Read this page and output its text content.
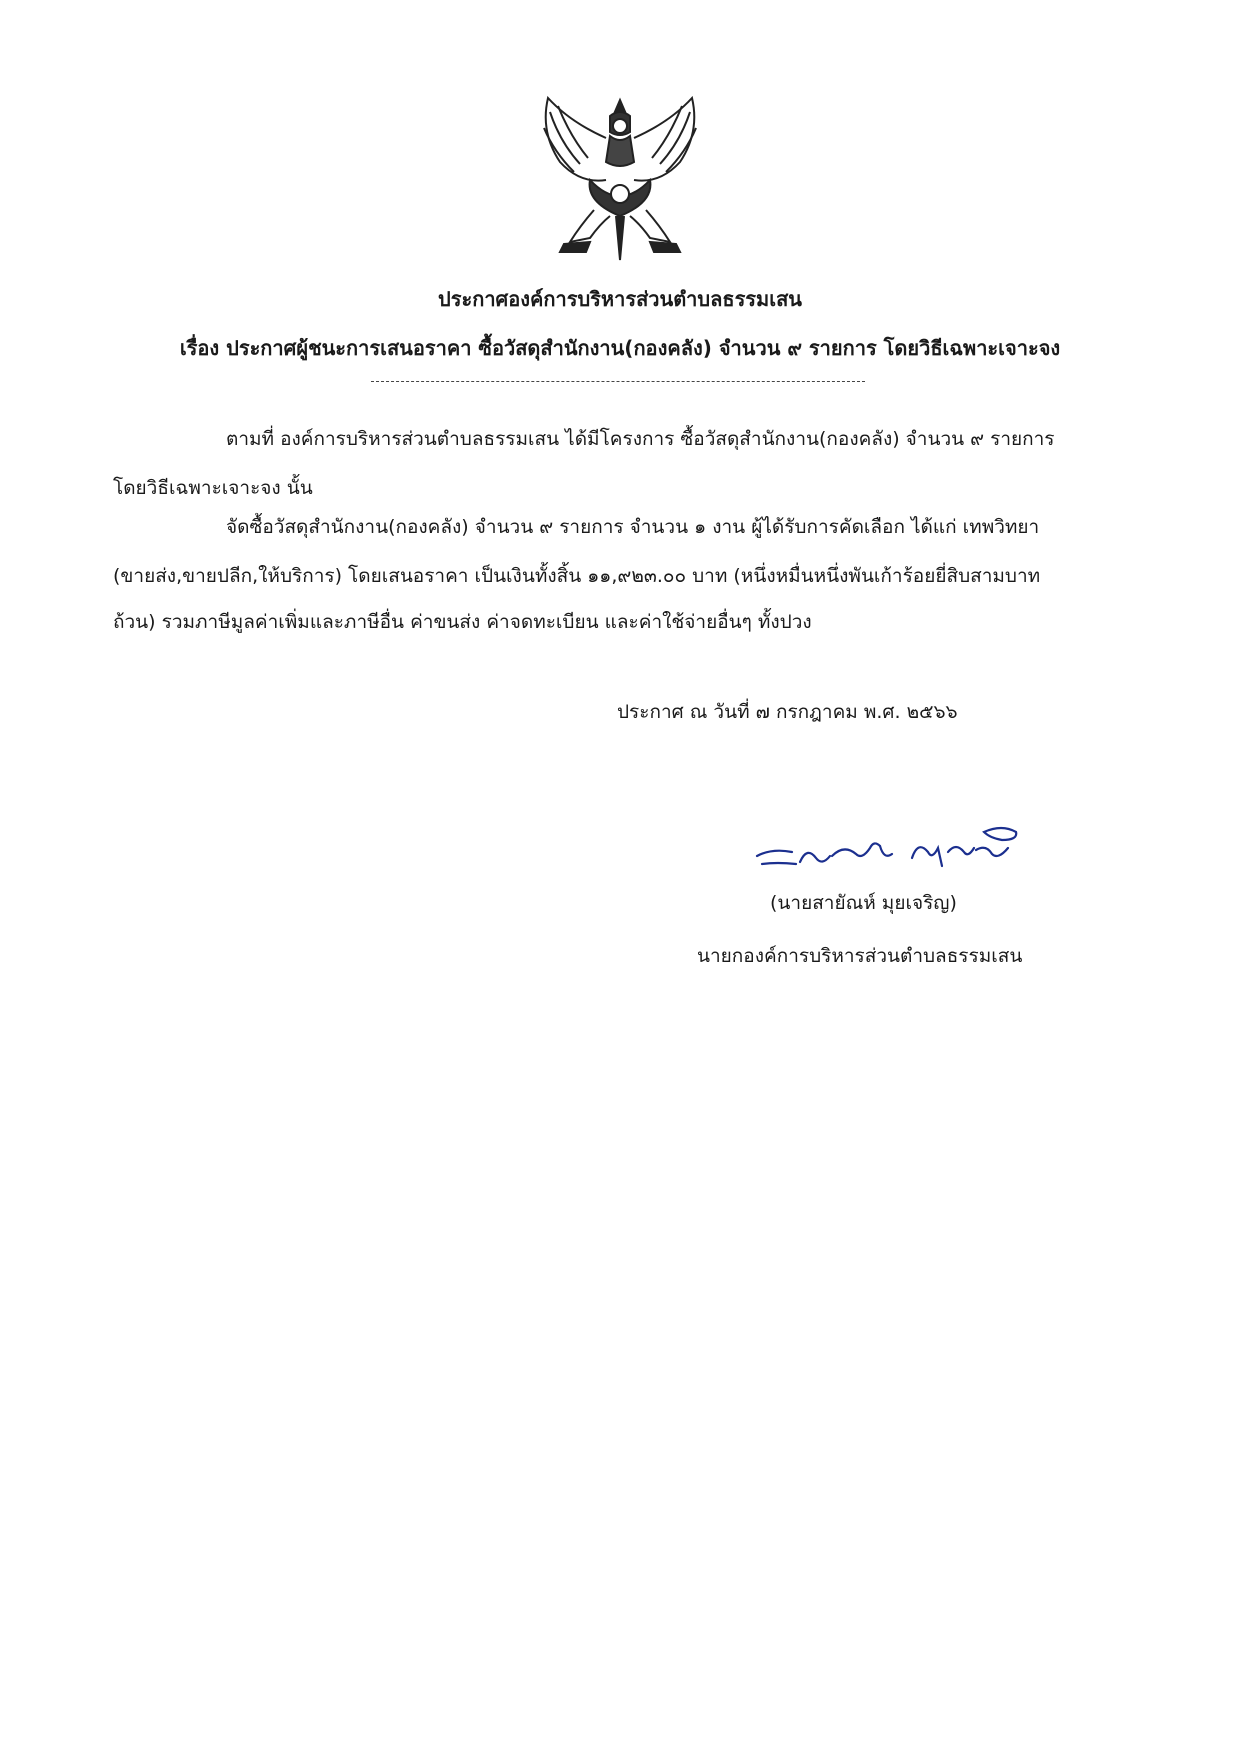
ประกาศองค์การบริหารส่วนตำบลธรรมเสน
เรื่อง ประกาศผู้ชนะการเสนอราคา ซื้อวัสดุสำนักงาน(กองคลัง) จำนวน ๙ รายการ โดยวิธีเฉพาะเจาะจง
ตามที่ องค์การบริหารส่วนตำบลธรรมเสน ได้มีโครงการ ซื้อวัสดุสำนักงาน(กองคลัง) จำนวน ๙ รายการ
โดยวิธีเฉพาะเจาะจง นั้น
จัดซื้อวัสดุสำนักงาน(กองคลัง) จำนวน ๙ รายการ จำนวน ๑ งาน ผู้ได้รับการคัดเลือก ได้แก่ เทพวิทยา
(ขายส่ง,ขายปลีก,ให้บริการ) โดยเสนอราคา เป็นเงินทั้งสิ้น ๑๑,๙๒๓.๐๐ บาท (หนึ่งหมื่นหนึ่งพันเก้าร้อยยี่สิบสามบาท
ถ้วน) รวมภาษีมูลค่าเพิ่มและภาษีอื่น ค่าขนส่ง ค่าจดทะเบียน และค่าใช้จ่ายอื่นๆ ทั้งปวง
ประกาศ ณ วันที่ ๗ กรกฎาคม พ.ศ. ๒๕๖๖
(นายสายัณห์ มุยเจริญ)
นายกองค์การบริหารส่วนตำบลธรรมเสน
